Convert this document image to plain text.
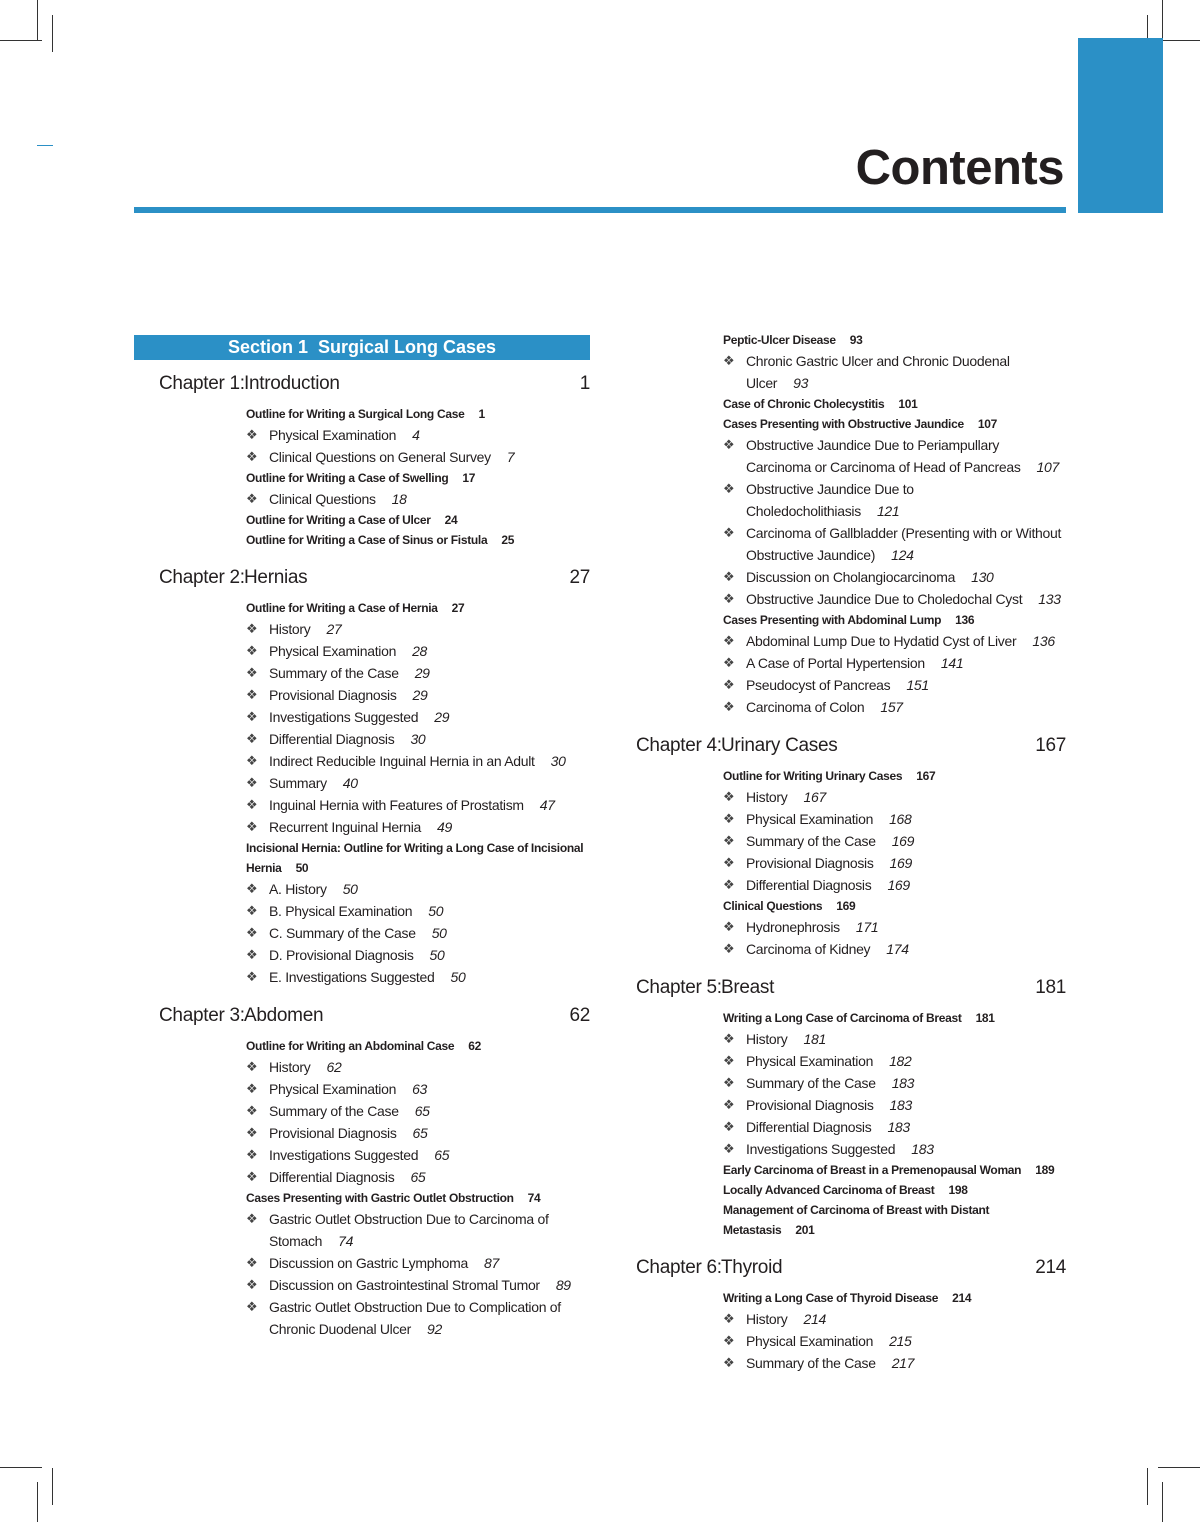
Contents
Section 1 Surgical Long Cases
Chapter 1: Introduction	1
Outline for Writing a Surgical Long Case 1
❖ Physical Examination 4
❖ Clinical Questions on General Survey 7
Outline for Writing a Case of Swelling 17
❖ Clinical Questions 18
Outline for Writing a Case of Ulcer 24
Outline for Writing a Case of Sinus or Fistula 25
Chapter 2: Hernias	27
Outline for Writing a Case of Hernia 27
❖ History 27
❖ Physical Examination 28
❖ Summary of the Case 29
❖ Provisional Diagnosis 29
❖ Investigations Suggested 29
❖ Differential Diagnosis 30
❖ Indirect Reducible Inguinal Hernia in an Adult 30
❖ Summary 40
❖ Inguinal Hernia with Features of Prostatism 47
❖ Recurrent Inguinal Hernia 49
Incisional Hernia: Outline for Writing a Long Case of Incisional Hernia 50
❖ A. History 50
❖ B. Physical Examination 50
❖ C. Summary of the Case 50
❖ D. Provisional Diagnosis 50
❖ E. Investigations Suggested 50
Chapter 3: Abdomen	62
Outline for Writing an Abdominal Case 62
❖ History 62
❖ Physical Examination 63
❖ Summary of the Case 65
❖ Provisional Diagnosis 65
❖ Investigations Suggested 65
❖ Differential Diagnosis 65
Cases Presenting with Gastric Outlet Obstruction 74
❖ Gastric Outlet Obstruction Due to Carcinoma of Stomach 74
❖ Discussion on Gastric Lymphoma 87
❖ Discussion on Gastrointestinal Stromal Tumor 89
❖ Gastric Outlet Obstruction Due to Complication of Chronic Duodenal Ulcer 92
Peptic-Ulcer Disease 93
❖ Chronic Gastric Ulcer and Chronic Duodenal Ulcer 93
Case of Chronic Cholecystitis 101
Cases Presenting with Obstructive Jaundice 107
❖ Obstructive Jaundice Due to Periampullary Carcinoma or Carcinoma of Head of Pancreas 107
❖ Obstructive Jaundice Due to Choledocholithiasis 121
❖ Carcinoma of Gallbladder (Presenting with or Without Obstructive Jaundice) 124
❖ Discussion on Cholangiocarcinoma 130
❖ Obstructive Jaundice Due to Choledochal Cyst 133
Cases Presenting with Abdominal Lump 136
❖ Abdominal Lump Due to Hydatid Cyst of Liver 136
❖ A Case of Portal Hypertension 141
❖ Pseudocyst of Pancreas 151
❖ Carcinoma of Colon 157
Chapter 4: Urinary Cases	167
Outline for Writing Urinary Cases 167
❖ History 167
❖ Physical Examination 168
❖ Summary of the Case 169
❖ Provisional Diagnosis 169
❖ Differential Diagnosis 169
Clinical Questions 169
❖ Hydronephrosis 171
❖ Carcinoma of Kidney 174
Chapter 5: Breast	181
Writing a Long Case of Carcinoma of Breast 181
❖ History 181
❖ Physical Examination 182
❖ Summary of the Case 183
❖ Provisional Diagnosis 183
❖ Differential Diagnosis 183
❖ Investigations Suggested 183
Early Carcinoma of Breast in a Premenopausal Woman 189
Locally Advanced Carcinoma of Breast 198
Management of Carcinoma of Breast with Distant Metastasis 201
Chapter 6: Thyroid	214
Writing a Long Case of Thyroid Disease 214
❖ History 214
❖ Physical Examination 215
❖ Summary of the Case 217
